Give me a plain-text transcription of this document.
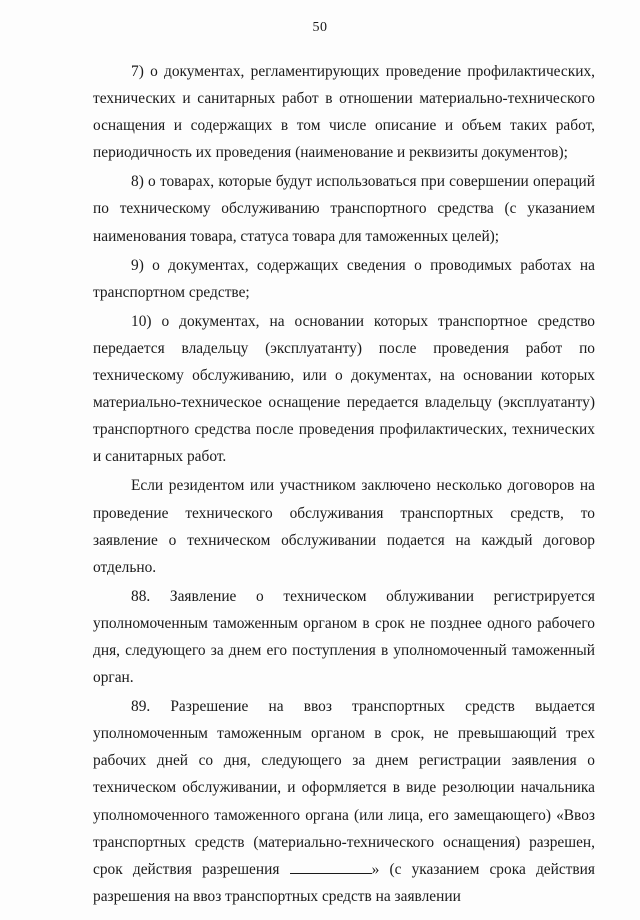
50

7) о документах, регламентирующих проведение профилактических, технических и санитарных работ в отношении материально-технического оснащения и содержащих в том числе описание и объем таких работ, периодичность их проведения (наименование и реквизиты документов);

8) о товарах, которые будут использоваться при совершении операций по техническому обслуживанию транспортного средства (с указанием наименования товара, статуса товара для таможенных целей);

9) о документах, содержащих сведения о проводимых работах на транспортном средстве;

10) о документах, на основании которых транспортное средство передается владельцу (эксплуатанту) после проведения работ по техническому обслуживанию, или о документах, на основании которых материально-техническое оснащение передается владельцу (эксплуатанту) транспортного средства после проведения профилактических, технических и санитарных работ.

Если резидентом или участником заключено несколько договоров на проведение технического обслуживания транспортных средств, то заявление о техническом обслуживании подается на каждый договор отдельно.

88. Заявление о техническом облуживании регистрируется уполномоченным таможенным органом в срок не позднее одного рабочего дня, следующего за днем его поступления в уполномоченный таможенный орган.

89. Разрешение на ввоз транспортных средств выдается уполномоченным таможенным органом в срок, не превышающий трех рабочих дней со дня, следующего за днем регистрации заявления о техническом обслуживании, и оформляется в виде резолюции начальника уполномоченного таможенного органа (или лица, его замещающего) «Ввоз транспортных средств (материально-технического оснащения) разрешен, срок действия разрешения	» (с указанием срока действия разрешения на ввоз транспортных средств на заявлении
